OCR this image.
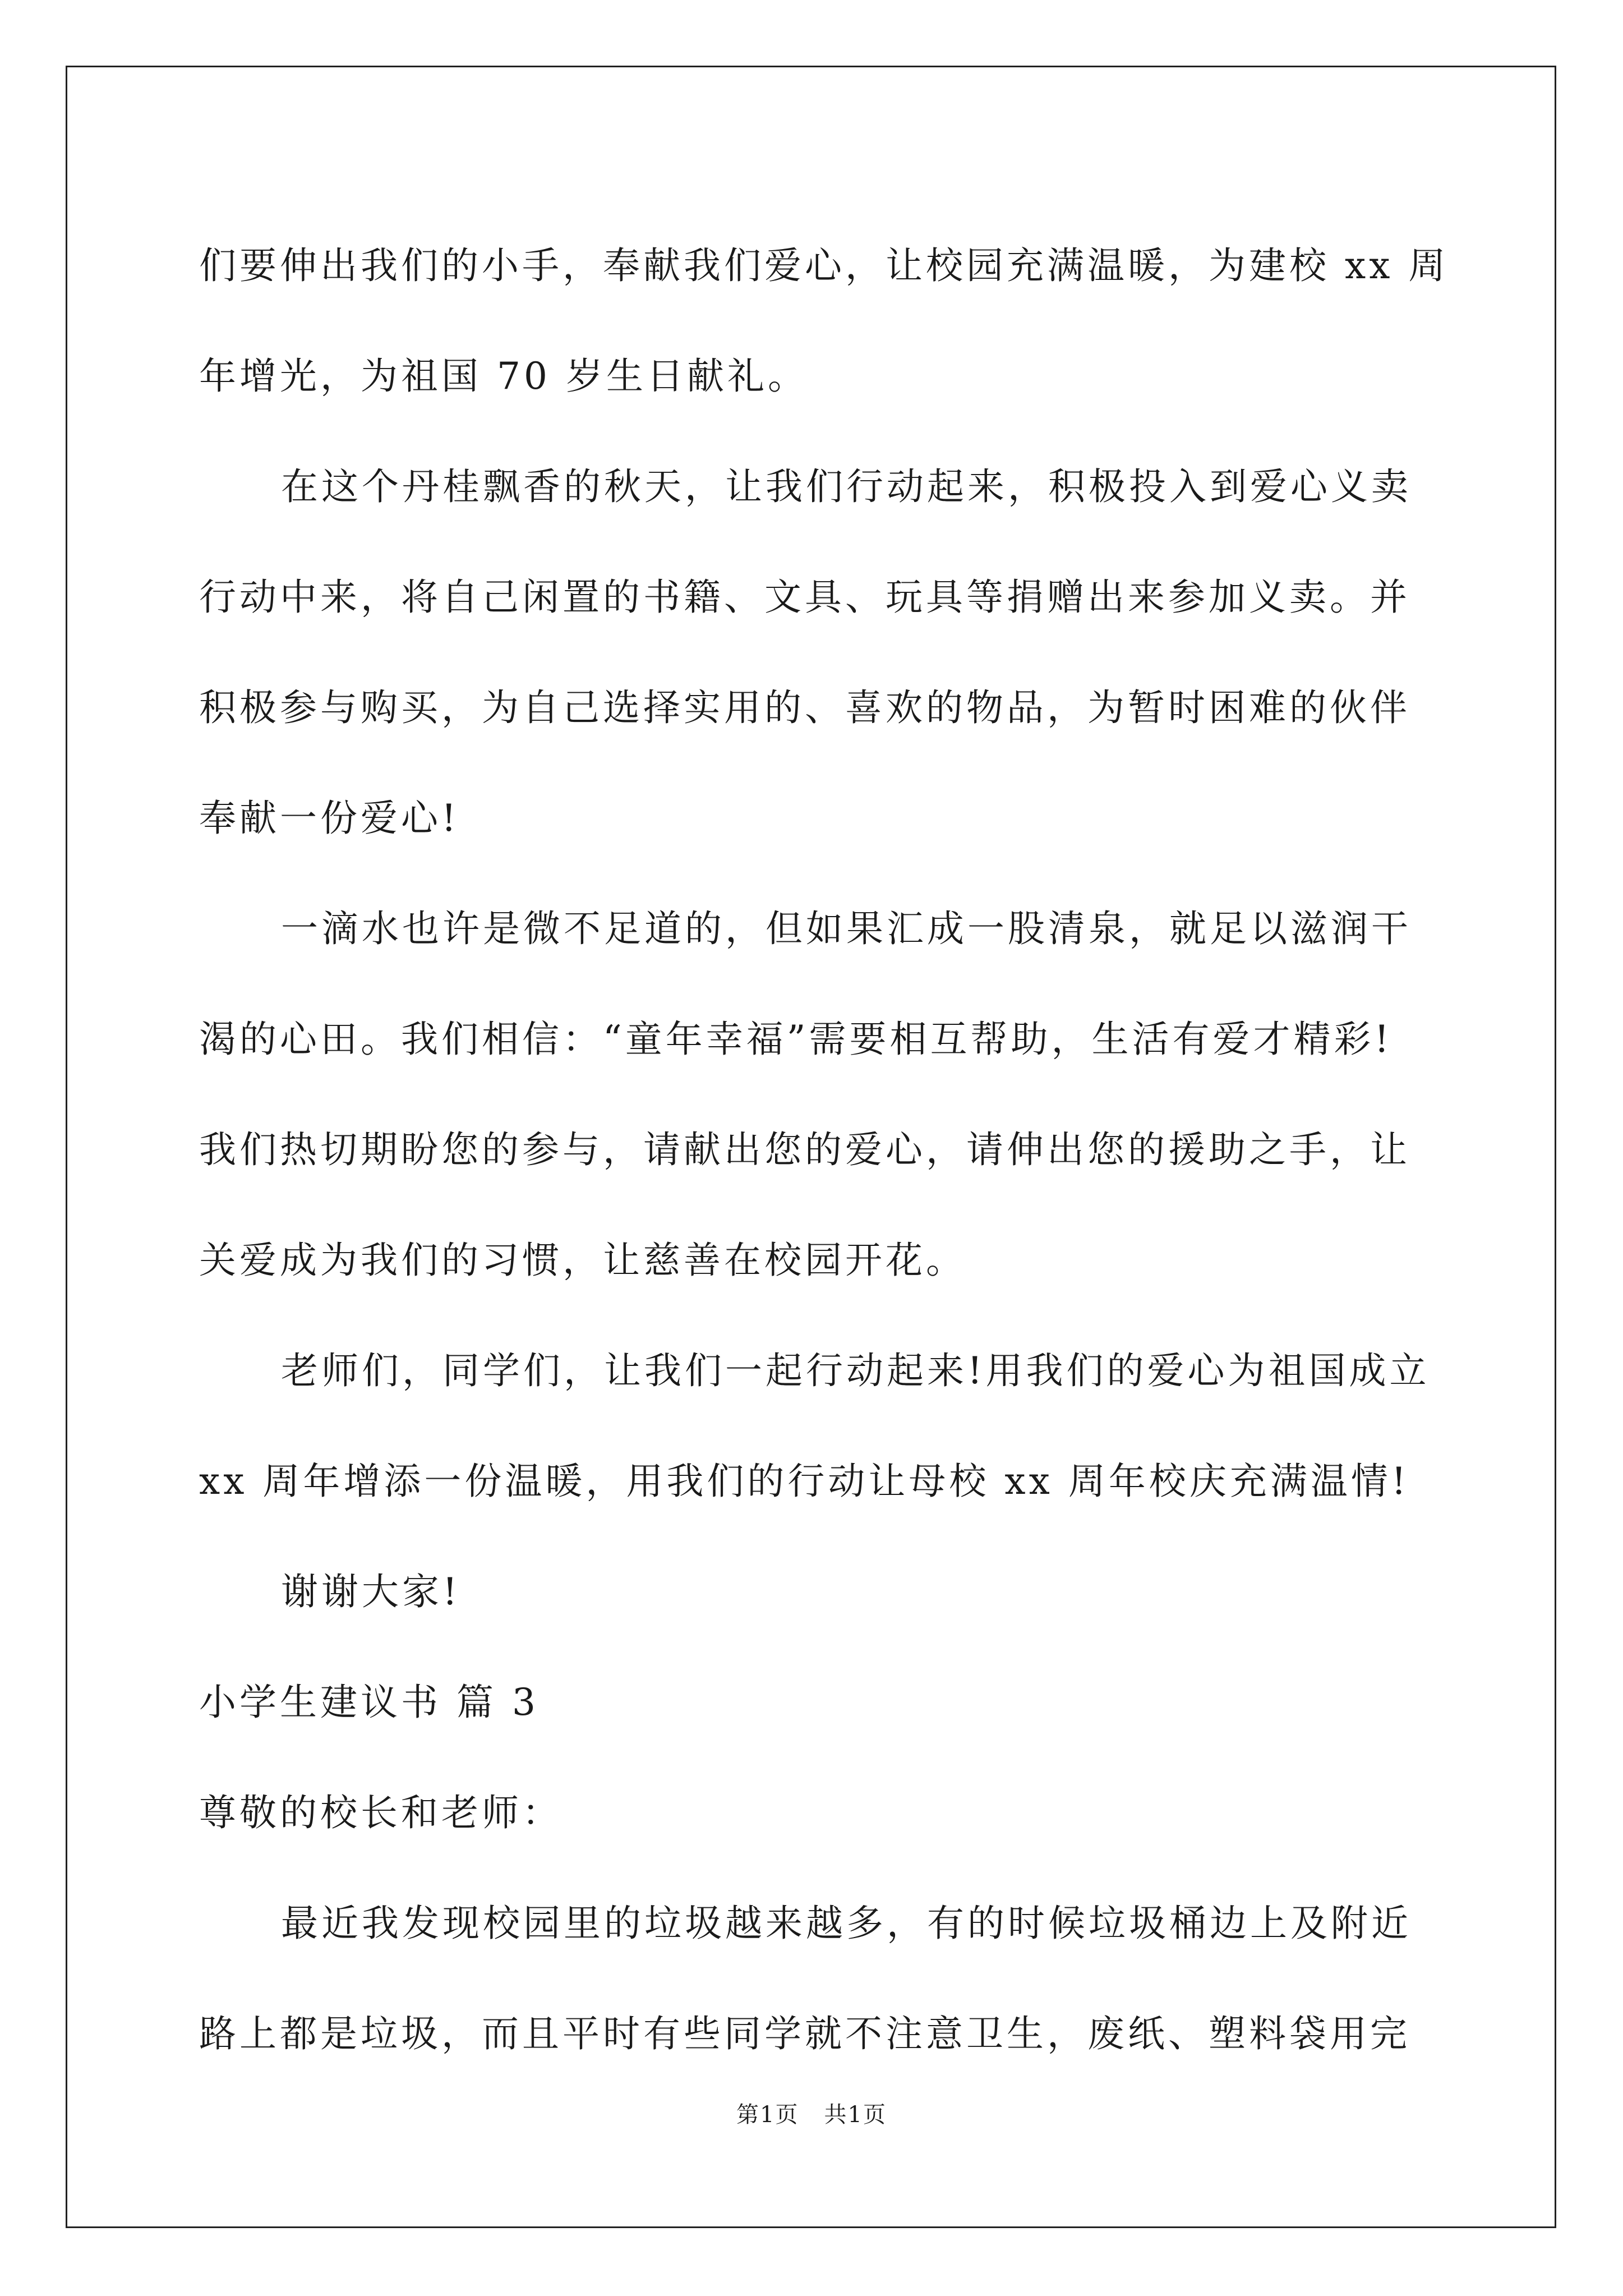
们要伸出我们的小手，奉献我们爱心，让校园充满温暖，为建校 xx 周
年增光，为祖国 70 岁生日献礼。
在这个丹桂飘香的秋天，让我们行动起来，积极投入到爱心义卖
行动中来，将自己闲置的书籍、文具、玩具等捐赠出来参加义卖。并
积极参与购买，为自己选择实用的、喜欢的物品，为暂时困难的伙伴
奉献一份爱心!
一滴水也许是微不足道的，但如果汇成一股清泉，就足以滋润干
渴的心田。我们相信：“童年幸福”需要相互帮助，生活有爱才精彩!
我们热切期盼您的参与，请献出您的爱心，请伸出您的援助之手，让
关爱成为我们的习惯，让慈善在校园开花。
老师们，同学们，让我们一起行动起来!用我们的爱心为祖国成立
xx 周年增添一份温暖，用我们的行动让母校 xx 周年校庆充满温情!
谢谢大家!
小学生建议书 篇 3
尊敬的校长和老师：
最近我发现校园里的垃圾越来越多，有的时候垃圾桶边上及附近
路上都是垃圾，而且平时有些同学就不注意卫生，废纸、塑料袋用完
第1页 共1页
